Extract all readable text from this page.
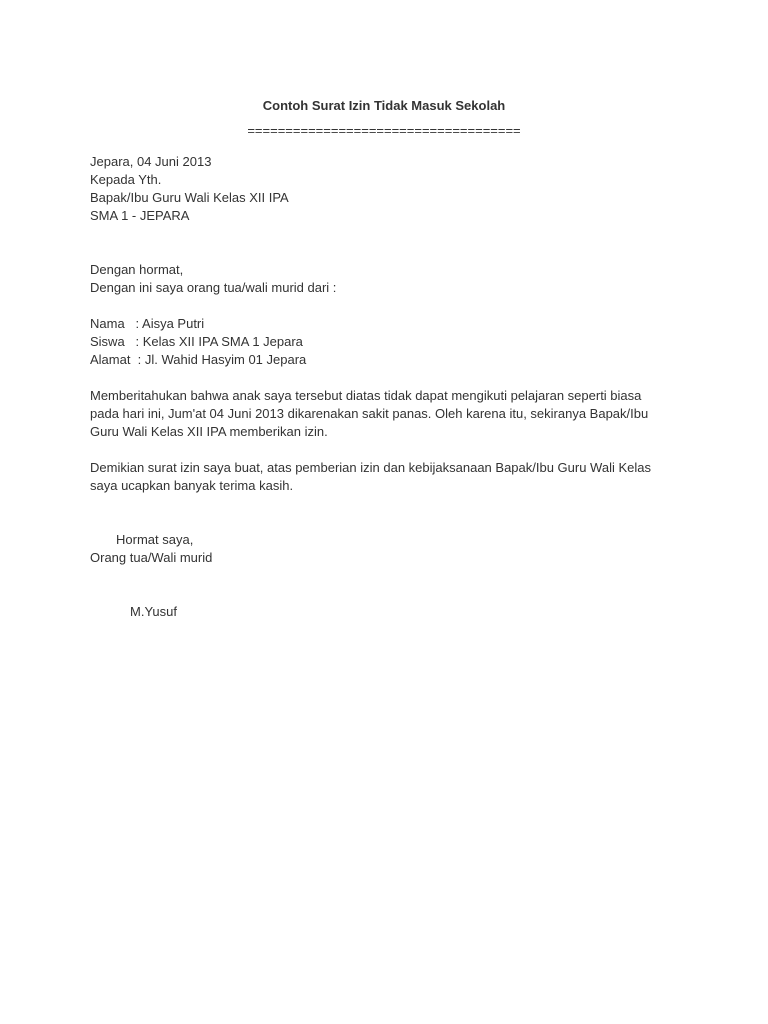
Contoh Surat Izin Tidak Masuk Sekolah
====================================
Jepara, 04 Juni 2013
Kepada Yth.
Bapak/Ibu Guru Wali Kelas XII IPA
SMA 1 - JEPARA
Dengan hormat,
Dengan ini saya orang tua/wali murid dari :
Nama   : Aisya Putri
Siswa   : Kelas XII IPA SMA 1 Jepara
Alamat  : Jl. Wahid Hasyim 01 Jepara
Memberitahukan bahwa anak saya tersebut diatas tidak dapat mengikuti pelajaran seperti biasa
pada hari ini, Jum'at 04 Juni 2013 dikarenakan sakit panas. Oleh karena itu, sekiranya Bapak/Ibu
Guru Wali Kelas XII IPA memberikan izin.
Demikian surat izin saya buat, atas pemberian izin dan kebijaksanaan Bapak/Ibu Guru Wali Kelas
saya ucapkan banyak terima kasih.
Hormat saya,
Orang tua/Wali murid
M.Yusuf
